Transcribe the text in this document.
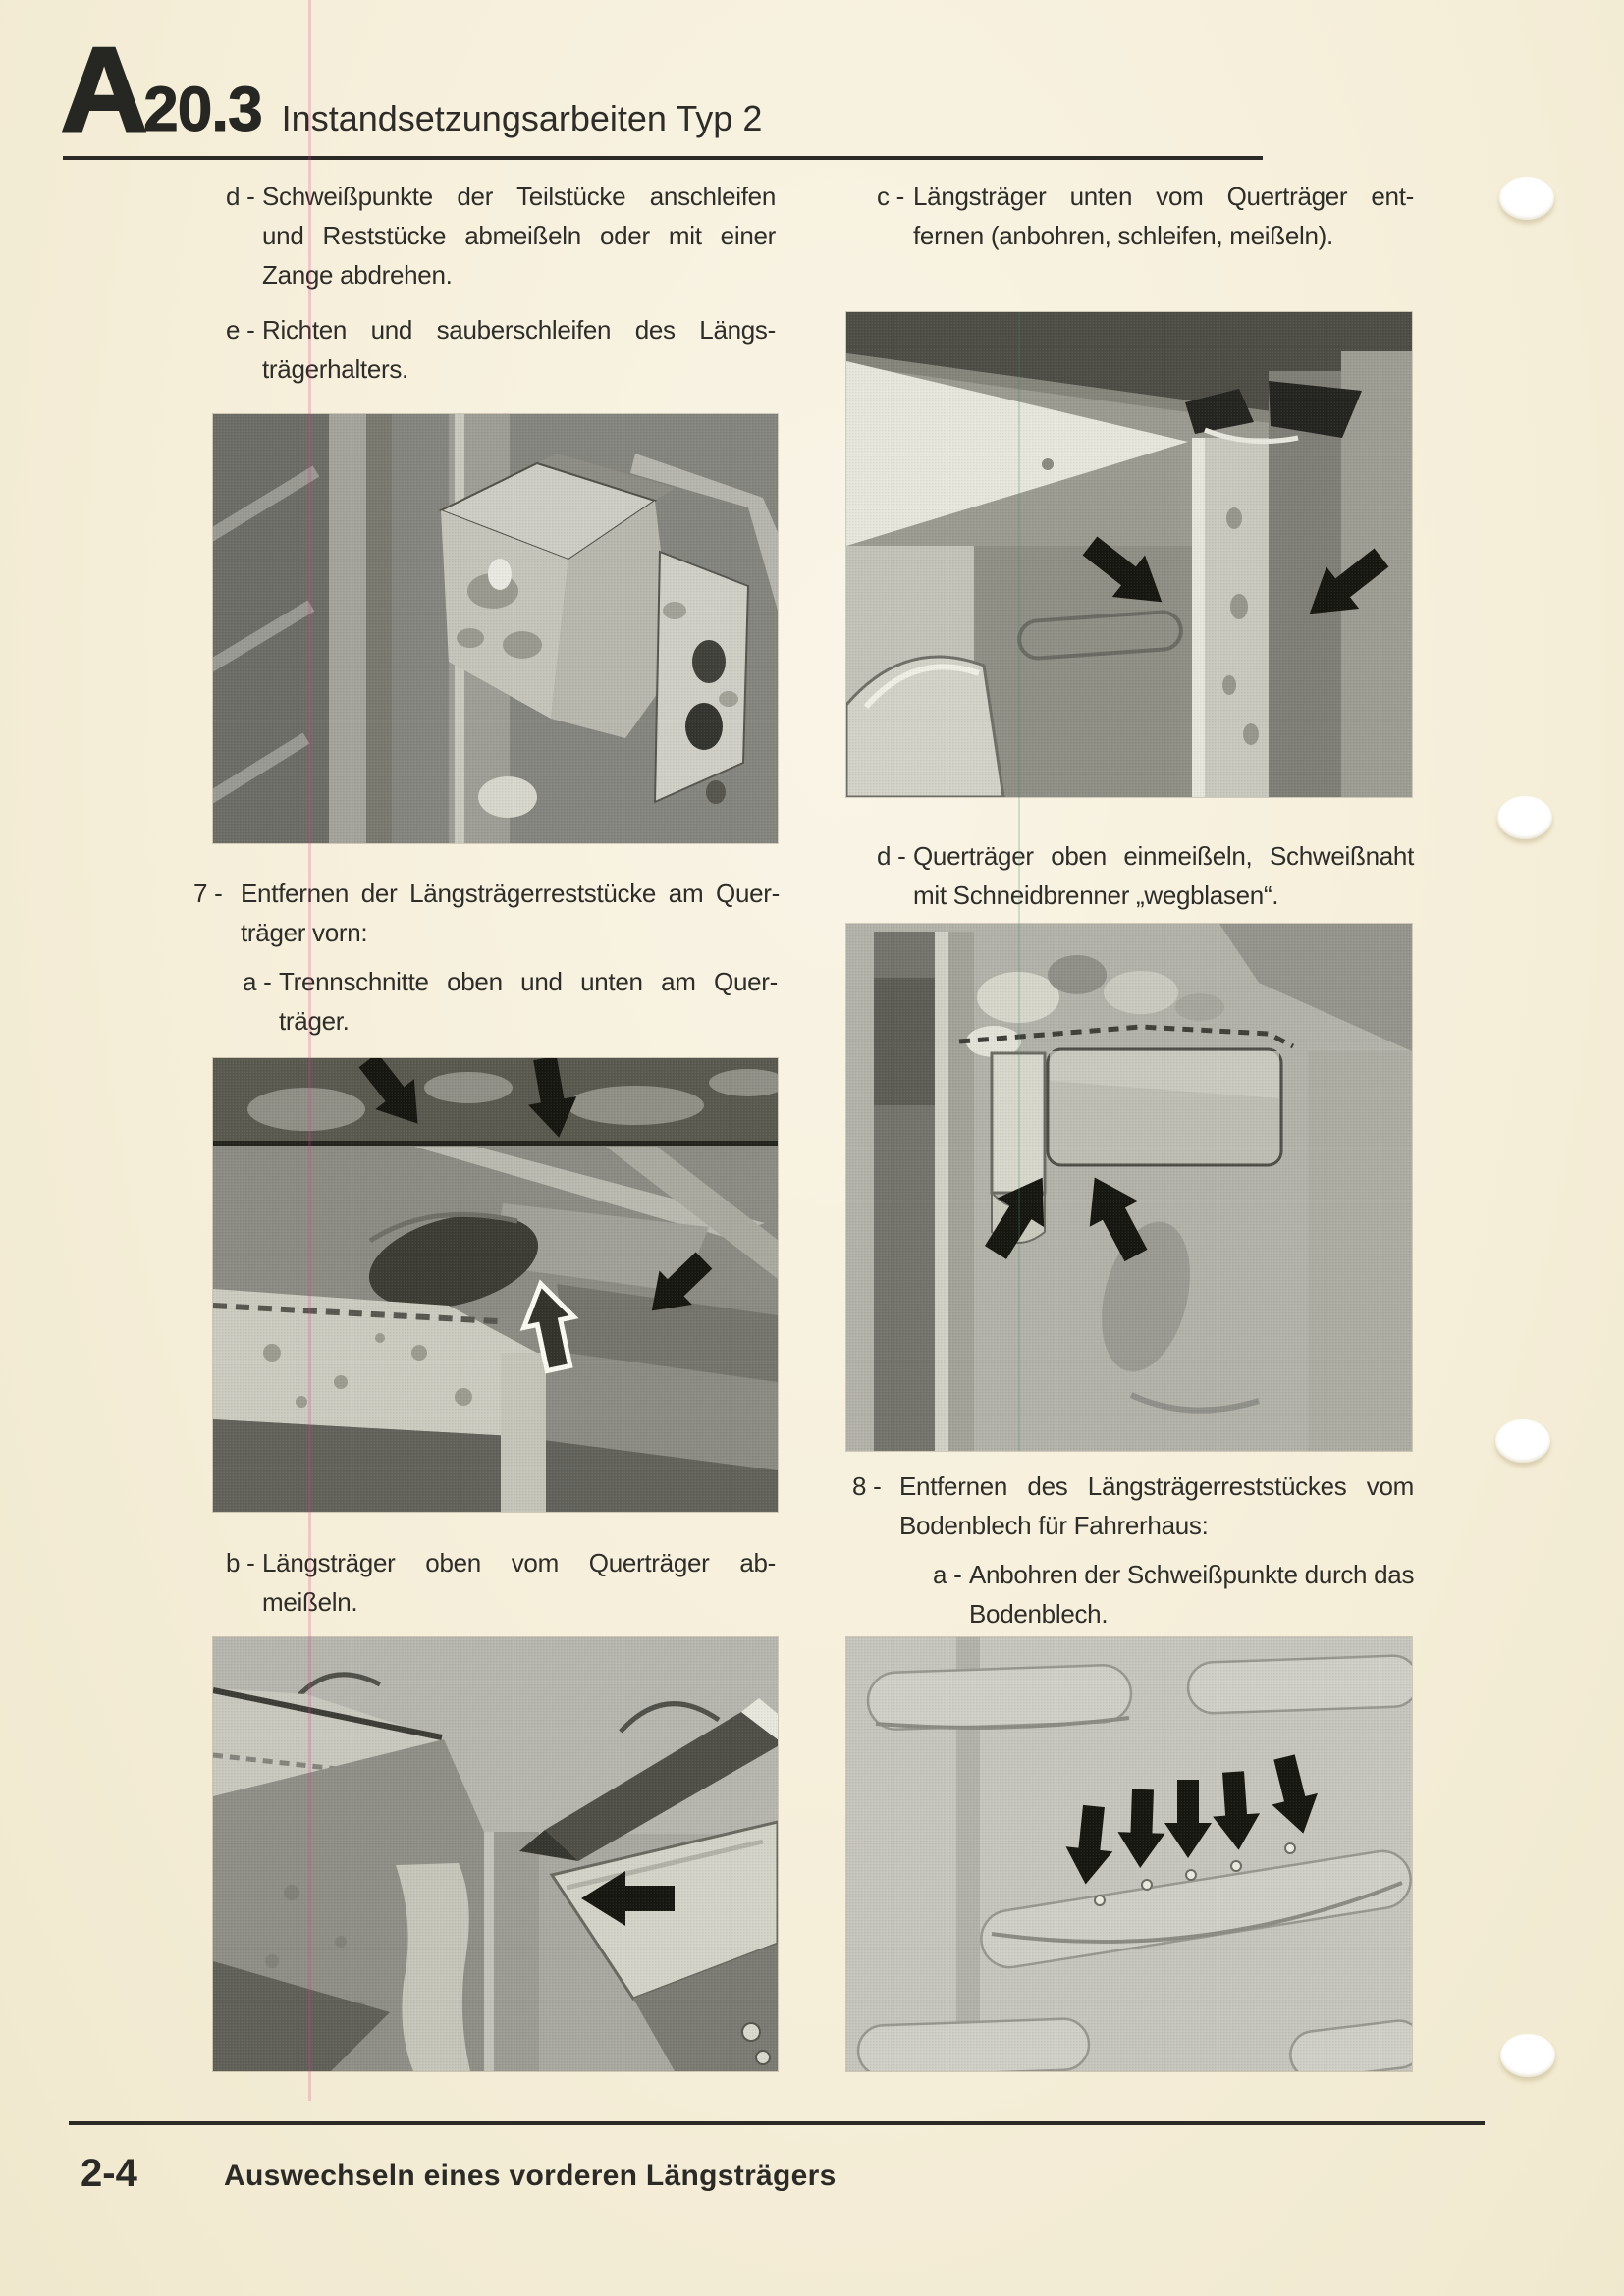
A 20.3 Instandsetzungsarbeiten Typ 2
d - Schweißpunkte der Teilstücke anschleifen
und Reststücke abmeißeln oder mit einer
Zange abdrehen.
e - Richten und sauberschleifen des Längs-
trägerhalters.
7 - Entfernen der Längsträgerreststücke am Quer-
träger vorn:
a - Trennschnitte oben und unten am Quer-
träger.
b - Längsträger oben vom Querträger ab-
meißeln.
c - Längsträger unten vom Querträger ent-
fernen (anbohren, schleifen, meißeln).
d - Querträger oben einmeißeln, Schweißnaht
mit Schneidbrenner „wegblasen“.
8 - Entfernen des Längsträgerreststückes vom
Bodenblech für Fahrerhaus:
a - Anbohren der Schweißpunkte durch das
Bodenblech.
2-4	Auswechseln eines vorderen Längsträgers
